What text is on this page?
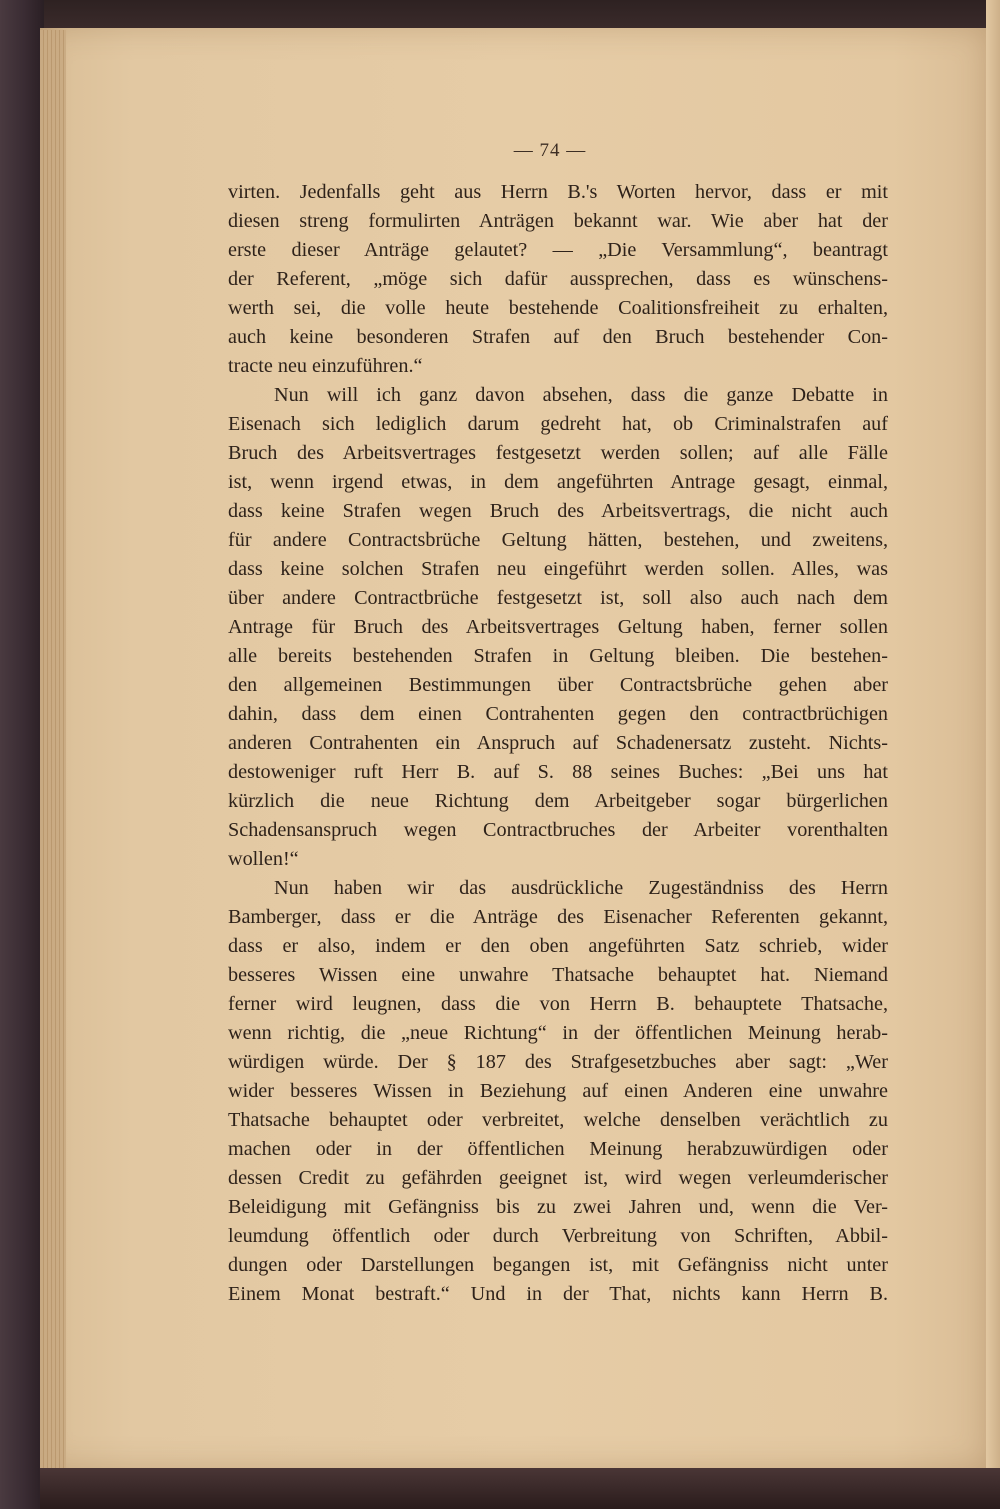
— 74 —
virten. Jedenfalls geht aus Herrn B.'s Worten hervor, dass er mit
diesen streng formulirten Anträgen bekannt war. Wie aber hat der
erste dieser Anträge gelautet? — „Die Versammlung“, beantragt
der Referent, „möge sich dafür aussprechen, dass es wünschens-
werth sei, die volle heute bestehende Coalitionsfreiheit zu erhalten,
auch keine besonderen Strafen auf den Bruch bestehender Con-
tracte neu einzuführen.“
Nun will ich ganz davon absehen, dass die ganze Debatte in
Eisenach sich lediglich darum gedreht hat, ob Criminalstrafen auf
Bruch des Arbeitsvertrages festgesetzt werden sollen; auf alle Fälle
ist, wenn irgend etwas, in dem angeführten Antrage gesagt, einmal,
dass keine Strafen wegen Bruch des Arbeitsvertrags, die nicht auch
für andere Contractsbrüche Geltung hätten, bestehen, und zweitens,
dass keine solchen Strafen neu eingeführt werden sollen. Alles, was
über andere Contractbrüche festgesetzt ist, soll also auch nach dem
Antrage für Bruch des Arbeitsvertrages Geltung haben, ferner sollen
alle bereits bestehenden Strafen in Geltung bleiben. Die bestehen-
den allgemeinen Bestimmungen über Contractsbrüche gehen aber
dahin, dass dem einen Contrahenten gegen den contractbrüchigen
anderen Contrahenten ein Anspruch auf Schadenersatz zusteht. Nichts-
destoweniger ruft Herr B. auf S. 88 seines Buches: „Bei uns hat
kürzlich die neue Richtung dem Arbeitgeber sogar bürgerlichen
Schadensanspruch wegen Contractbruches der Arbeiter vorenthalten
wollen!“
Nun haben wir das ausdrückliche Zugeständniss des Herrn
Bamberger, dass er die Anträge des Eisenacher Referenten gekannt,
dass er also, indem er den oben angeführten Satz schrieb, wider
besseres Wissen eine unwahre Thatsache behauptet hat. Niemand
ferner wird leugnen, dass die von Herrn B. behauptete Thatsache,
wenn richtig, die „neue Richtung“ in der öffentlichen Meinung herab-
würdigen würde. Der § 187 des Strafgesetzbuches aber sagt: „Wer
wider besseres Wissen in Beziehung auf einen Anderen eine unwahre
Thatsache behauptet oder verbreitet, welche denselben verächtlich zu
machen oder in der öffentlichen Meinung herabzuwürdigen oder
dessen Credit zu gefährden geeignet ist, wird wegen verleumderischer
Beleidigung mit Gefängniss bis zu zwei Jahren und, wenn die Ver-
leumdung öffentlich oder durch Verbreitung von Schriften, Abbil-
dungen oder Darstellungen begangen ist, mit Gefängniss nicht unter
Einem Monat bestraft.“ Und in der That, nichts kann Herrn B.
